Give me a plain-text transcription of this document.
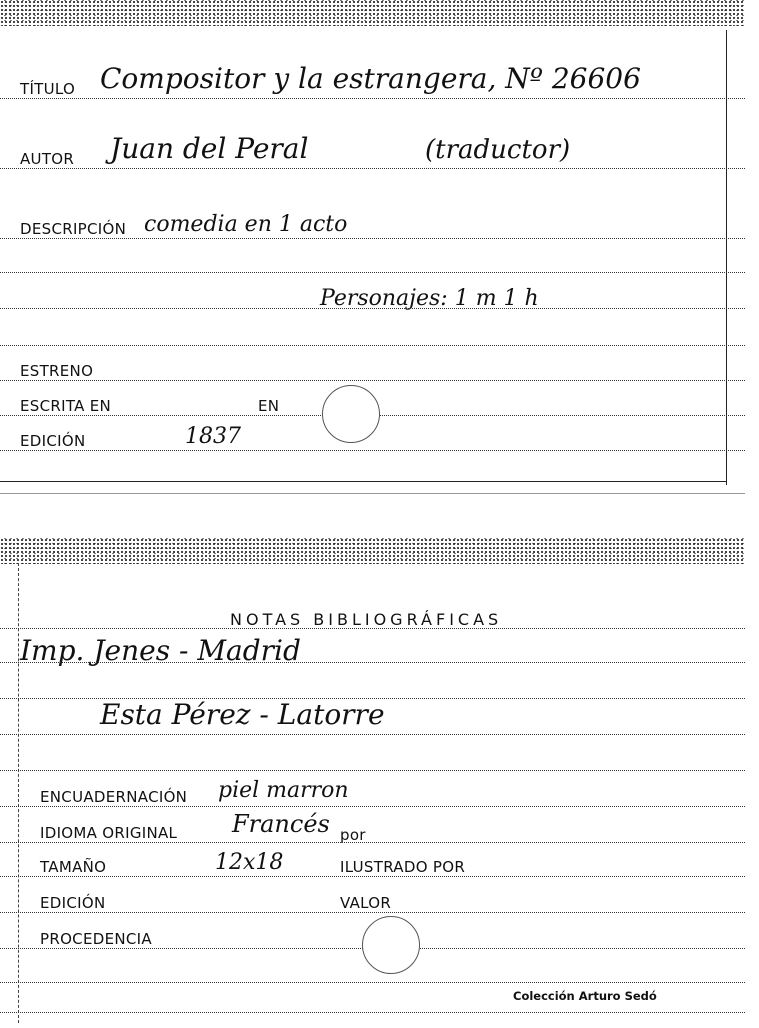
TÍTULO Compositor y la estrangera, Nº 26606
AUTOR Juan del Peral	(traductor)
DESCRIPCIÓN comedia en 1 acto
Personajes: 1 m 1 h
ESTRENO
ESCRITA EN	EN
EDICIÓN	1837
NOTAS BIBLIOGRÁFICAS
Imp. Jenes - Madrid
Esta Pérez - Latorre
ENCUADERNACIÓN piel marron
IDIOMA ORIGINAL Francés por
TAMAÑO	12x18	ILUSTRADO POR
EDICIÓN	VALOR
PROCEDENCIA
Colección Arturo Sedó
